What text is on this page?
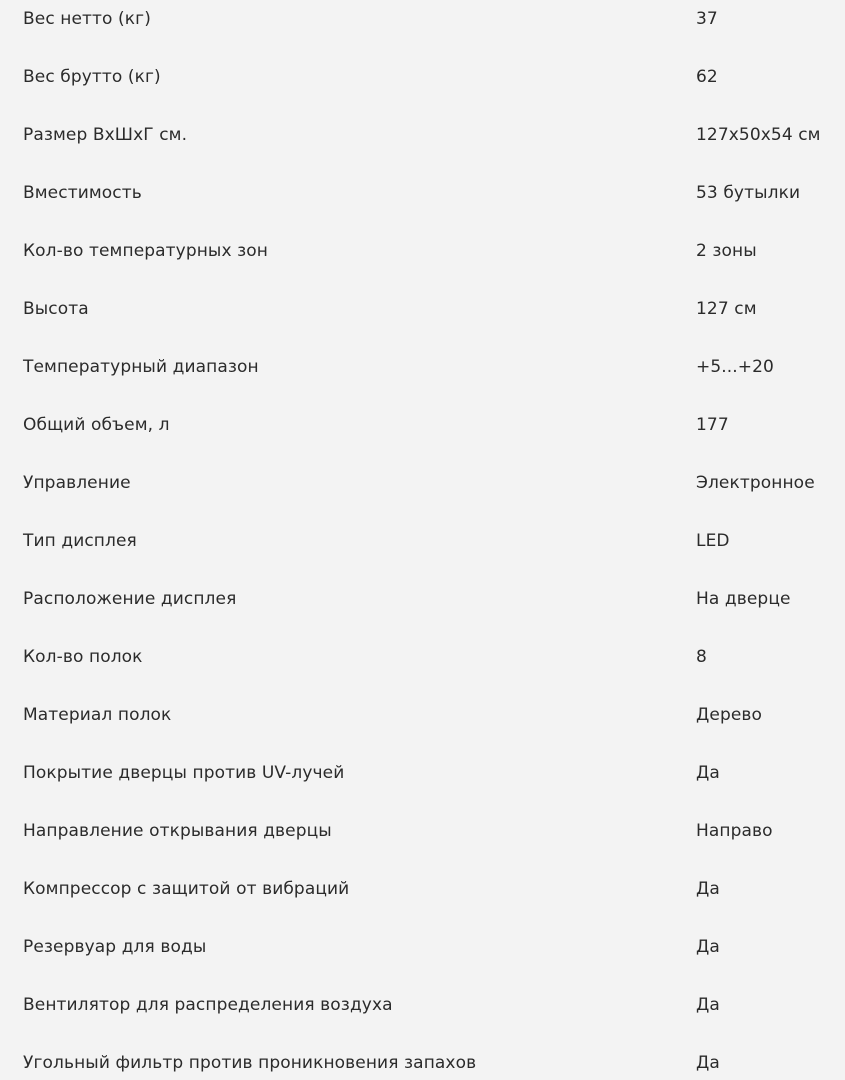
Вес нетто (кг)	37
Вес брутто (кг)	62
Размер ВхШхГ см.	127х50х54 см
Вместимость	53 бутылки
Кол-во температурных зон	2 зоны
Высота	127 см
Температурный диапазон	+5...+20
Общий объем, л	177
Управление	Электронное
Тип дисплея	LED
Расположение дисплея	На дверце
Кол-во полок	8
Материал полок	Дерево
Покрытие дверцы против UV-лучей	Да
Направление открывания дверцы	Направо
Компрессор с защитой от вибраций	Да
Резервуар для воды	Да
Вентилятор для распределения воздуха	Да
Угольный фильтр против проникновения запахов	Да
